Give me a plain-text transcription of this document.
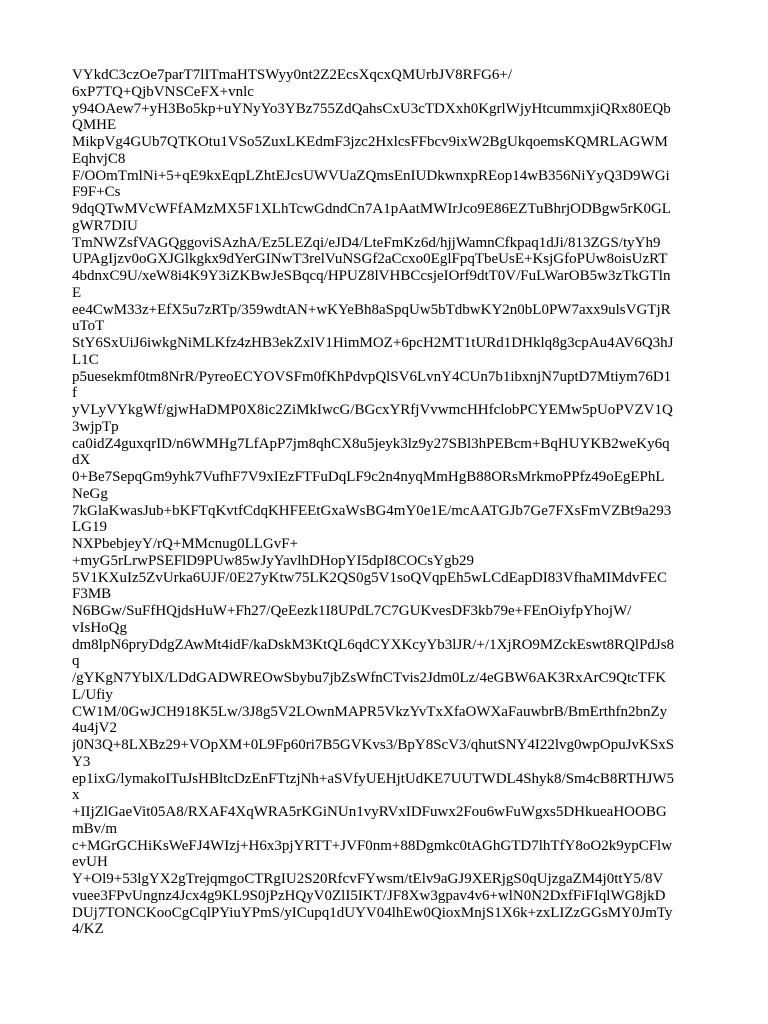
VYkdC3czOe7parT7lITmaHTSWyy0nt2Z2EcsXqcxQMUrbJV8RFG6+/
6xP7TQ+QjbVNSCeFX+vnlc
y94OAew7+yH3Bo5kp+uYNyYo3YBz755ZdQahsCxU3cTDXxh0KgrlWjyHtcummxjiQRx80EQb
QMHE
MikpVg4GUb7QTKOtu1VSo5ZuxLKEdmF3jzc2HxlcsFFbcv9ixW2BgUkqoemsKQMRLAGWM
EqhvjC8
F/OOmTmlNi+5+qE9kxEqpLZhtEJcsUWVUaZQmsEnIUDkwnxpREop14wB356NiYyQ3D9WGi
F9F+Cs
9dqQTwMVcWFfAMzMX5F1XLhTcwGdndCn7A1pAatMWIrJco9E86EZTuBhrjODBgw5rK0GL
gWR7DIU
TmNWZsfVAGQggoviSAzhA/Ez5LEZqi/eJD4/LteFmKz6d/hjjWamnCfkpaq1dJi/813ZGS/tyYh9
UPAgIjzv0oGXJGlkgkx9dYerGINwT3relVuNSGf2aCcxo0EglFpqTbeUsE+KsjGfoPUw8oisUzRT
4bdnxC9U/xeW8i4K9Y3iZKBwJeSBqcq/HPUZ8lVHBCcsjeIOrf9dtT0V/FuLWarOB5w3zTkGTln
E
ee4CwM33z+EfX5u7zRTp/359wdtAN+wKYeBh8aSpqUw5bTdbwKY2n0bL0PW7axx9ulsVGTjR
uToT
StY6SxUiJ6iwkgNiMLKfz4zHB3ekZxlV1HimMOZ+6pcH2MT1tURd1DHklq8g3cpAu4AV6Q3hJ
L1C
p5uesekmf0tm8NrR/PyreoECYOVSFm0fKhPdvpQlSV6LvnY4CUn7b1ibxnjN7uptD7Mtiym76D1
f
yVLyVYkgWf/gjwHaDMP0X8ic2ZiMkIwcG/BGcxYRfjVvwmcHHfclobPCYEMw5pUoPVZV1Q
3wjpTp
ca0idZ4guxqrID/n6WMHg7LfApP7jm8qhCX8u5jeyk3lz9y27SBl3hPEBcm+BqHUYKB2weKy6q
dX
0+Be7SepqGm9yhk7VufhF7V9xIEzFTFuDqLF9c2n4nyqMmHgB88ORsMrkmoPPfz49oEgEPhL
NeGg
7kGlaKwasJub+bKFTqKvtfCdqKHFEEtGxaWsBG4mY0e1E/mcAATGJb7Ge7FXsFmVZBt9a293
LG19
NXPbebjeyY/rQ+MMcnug0LLGvF+
+myG5rLrwPSEFlD9PUw85wJyYavlhDHopYI5dpI8COCsYgb29
5V1KXuIz5ZvUrka6UJF/0E27yKtw75LK2QS0g5V1soQVqpEh5wLCdEapDI83VfhaMIMdvFEC
F3MB
N6BGw/SuFfHQjdsHuW+Fh27/QeEezk1I8UPdL7C7GUKvesDF3kb79e+FEnOiyfpYhojW/
vIsHoQg
dm8lpN6pryDdgZAwMt4idF/kaDskM3KtQL6qdCYXKcyYb3lJR/+/1XjRO9MZckEswt8RQlPdJs8
q
/gYKgN7YblX/LDdGADWREOwSbybu7jbZsWfnCTvis2Jdm0Lz/4eGBW6AK3RxArC9QtcTFK
L/Ufiy
CW1M/0GwJCH918K5Lw/3J8g5V2LOwnMAPR5VkzYvTxXfaOWXaFauwbrB/BmErthfn2bnZy
4u4jV2
j0N3Q+8LXBz29+VOpXM+0L9Fp60ri7B5GVKvs3/BpY8ScV3/qhutSNY4I22lvg0wpOpuJvKSxS
Y3
ep1ixG/lymakoITuJsHBltcDzEnFTtzjNh+aSVfyUEHjtUdKE7UUTWDL4Shyk8/Sm4cB8RTHJW5
x
+IIjZlGaeVit05A8/RXAF4XqWRA5rKGiNUn1vyRVxIDFuwx2Fou6wFuWgxs5DHkueaHOOBG
mBv/m
c+MGrGCHiKsWeFJ4WIzj+H6x3pjYRTT+JVF0nm+88Dgmkc0tAGhGTD7lhTfY8oO2k9ypCFlw
evUH
Y+Ol9+53lgYX2gTrejqmgoCTRgIU2S20RfcvFYwsm/tElv9aGJ9XERjgS0qUjzgaZM4j0ttY5/8V
vuee3FPvUngnz4Jcx4g9KL9S0jPzHQyV0ZlI5IKT/JF8Xw3gpav4v6+wlN0N2DxfFiFIqlWG8jkD
DUj7TONCKooCgCqlPYiuYPmS/yICupq1dUYV04lhEw0QioxMnjS1X6k+zxLIZzGGsMY0JmTy
4/KZ
